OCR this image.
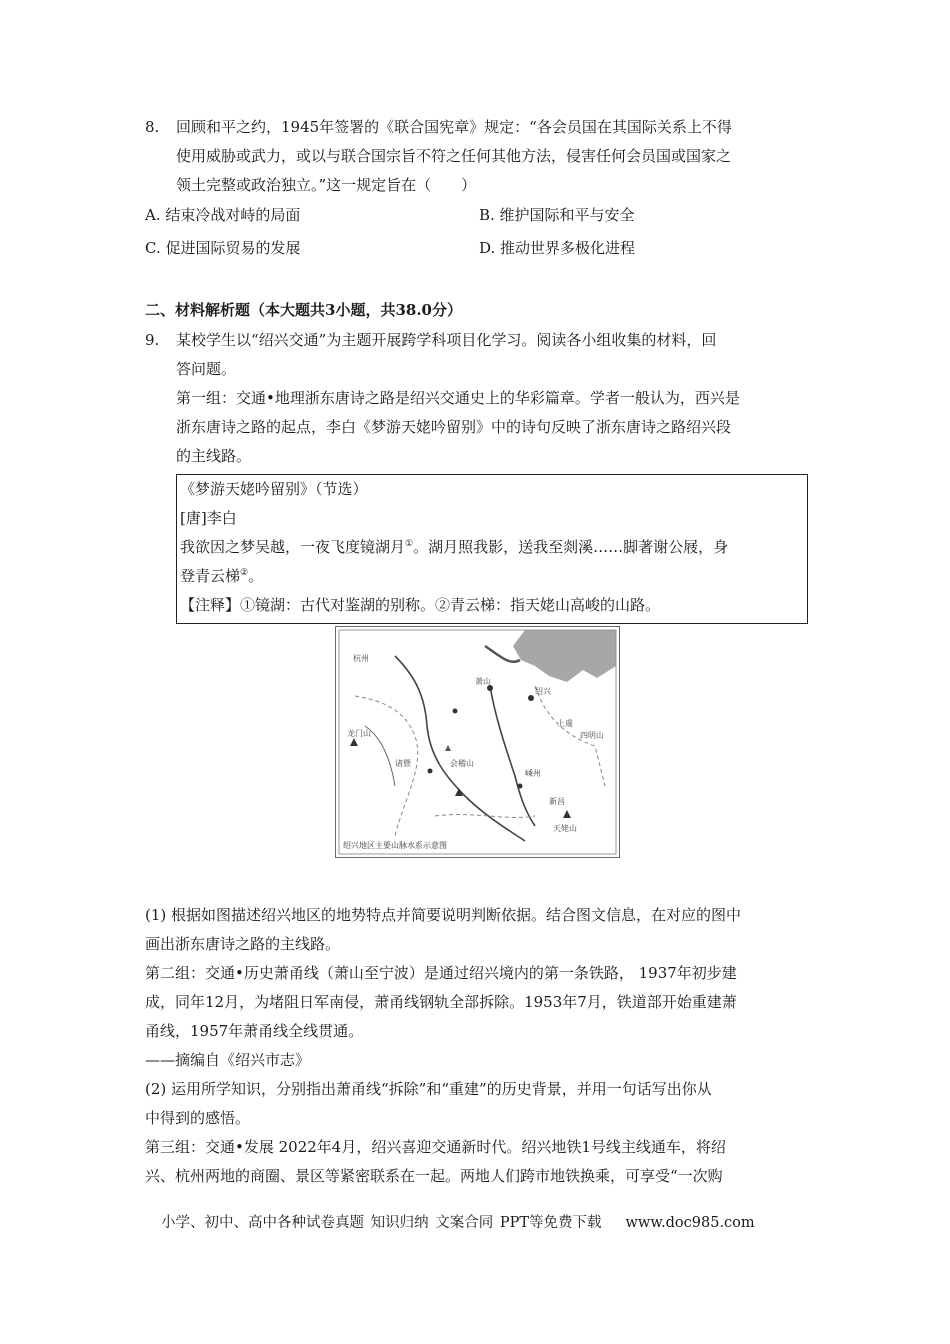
8. 回顾和平之约，1945年签署的《联合国宪章》规定：“各会员国在其国际关系上不得
使用威胁或武力，或以与联合国宗旨不符之任何其他方法，侵害任何会员国或国家之
领土完整或政治独立。”这一规定旨在（　　）
A. 结束冷战对峙的局面	B. 维护国际和平与安全
C. 促进国际贸易的发展	D. 推动世界多极化进程
二、材料解析题（本大题共3小题，共38.0分）
9. 某校学生以“绍兴交通”为主题开展跨学科项目化学习。阅读各小组收集的材料，回
答问题。
第一组：交通•地理浙东唐诗之路是绍兴交通史上的华彩篇章。学者一般认为，西兴是
浙东唐诗之路的起点，李白《梦游天姥吟留别》中的诗句反映了浙东唐诗之路绍兴段
的主线路。
《梦游天姥吟留别》（节选）
[唐]李白
我欲因之梦吴越，一夜飞度镜湖月①。湖月照我影，送我至剡溪……脚著谢公屐，身
登青云梯②。
【注释】①镜湖：古代对鉴湖的别称。②青云梯：指天姥山高峻的山路。
杭州
萧山
诸暨
绍兴
嵊州
新昌
会稽山
天姥山
四明山
上虞
龙门山
绍兴地区主要山脉水系示意图
(1) 根据如图描述绍兴地区的地势特点并简要说明判断依据。结合图文信息，在对应的图中
画出浙东唐诗之路的主线路。
第二组：交通•历史萧甬线（萧山至宁波）是通过绍兴境内的第一条铁路， 1937年初步建
成，同年12月，为堵阻日军南侵，萧甬线钢轨全部拆除。1953年7月，铁道部开始重建萧
甬线，1957年萧甬线全线贯通。
——摘编自《绍兴市志》
(2) 运用所学知识，分别指出萧甬线“拆除”和“重建”的历史背景，并用一句话写出你从
中得到的感悟。
第三组：交通•发展 2022年4月，绍兴喜迎交通新时代。绍兴地铁1号线主线通车，将绍
兴、杭州两地的商圈、景区等紧密联系在一起。两地人们跨市地铁换乘，可享受“一次购
小学、初中、高中各种试卷真题 知识归纳 文案合同 PPT等免费下载 www.doc985.com
